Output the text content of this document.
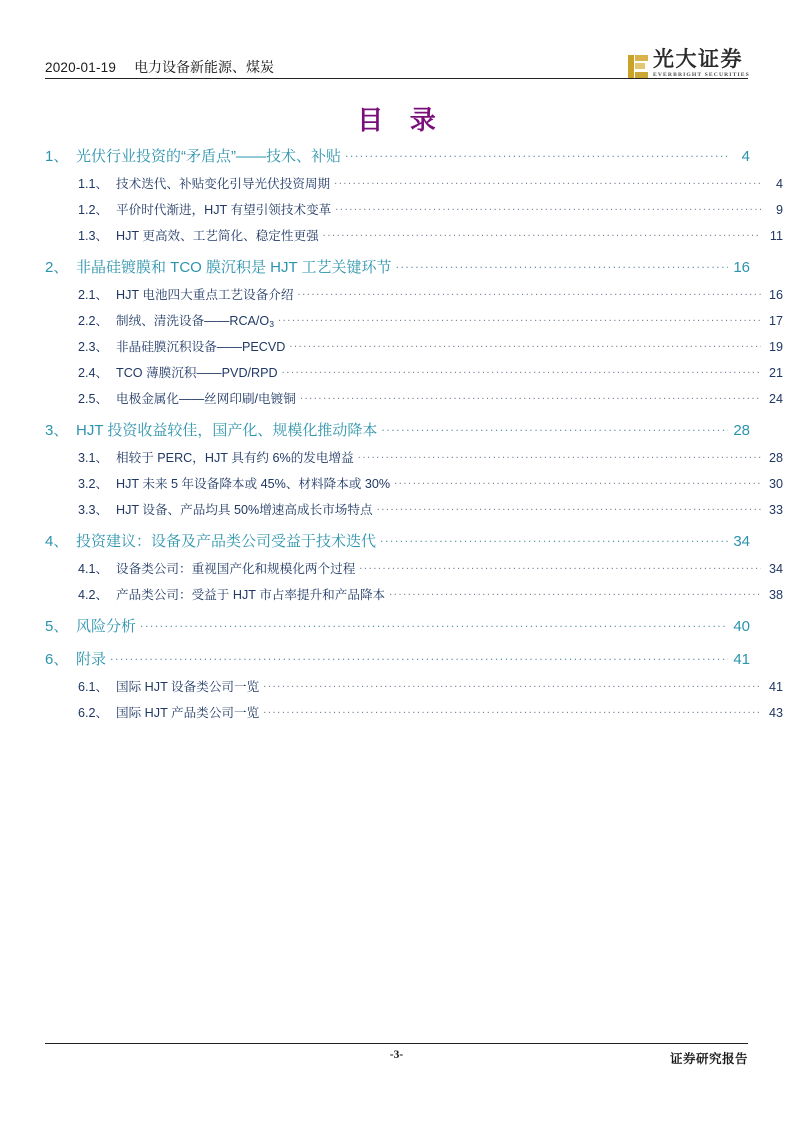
2020-01-19 电力设备新能源、煤炭	光大证券
EVERBRIGHT SECURITIES
目 录
1、 光伏行业投资的“矛盾点”——技术、补贴 .....	4
1.1、 技术迭代、补贴变化引导光伏投资周期 .....	4
1.2、 平价时代渐进，HJT 有望引领技术变革 .....	9
1.3、 HJT 更高效、工艺简化、稳定性更强 .....	11
2、 非晶硅镀膜和 TCO 膜沉积是 HJT 工艺关键环节 .....	16
2.1、 HJT 电池四大重点工艺设备介绍 .....	16
2.2、 制绒、清洗设备$——RCA/O_3$ .....	17
2.3、 非晶硅膜沉积设备——PECVD .....	19
2.4、 TCO 薄膜沉积——PVD/RPD .....	21
2.5、 电极金属化——丝网印刷/电镀铜 .....	24
3、 HJT 投资收益较佳，国产化、规模化推动降本 .....	28
3.1、 相较于 PERC，HJT 具有约 6%的发电增益 .....	28
3.2、 HJT 未来 5 年设备降本或 45%、材料降本或 30% .....	30
3.3、 HJT 设备、产品均具 50%增速高成长市场特点 .....	33
4、 投资建议：设备及产品类公司受益于技术迭代 .....	34
4.1、 设备类公司：重视国产化和规模化两个过程 .....	34
4.2、 产品类公司：受益于 HJT 市占率提升和产品降本 .....	38
5、 风险分析 .....	40
6、 附录 .....	41
6.1、 国际 HJT 设备类公司一览 .....	41
6.2、 国际 HJT 产品类公司一览 .....	43
-3-	证券研究报告
